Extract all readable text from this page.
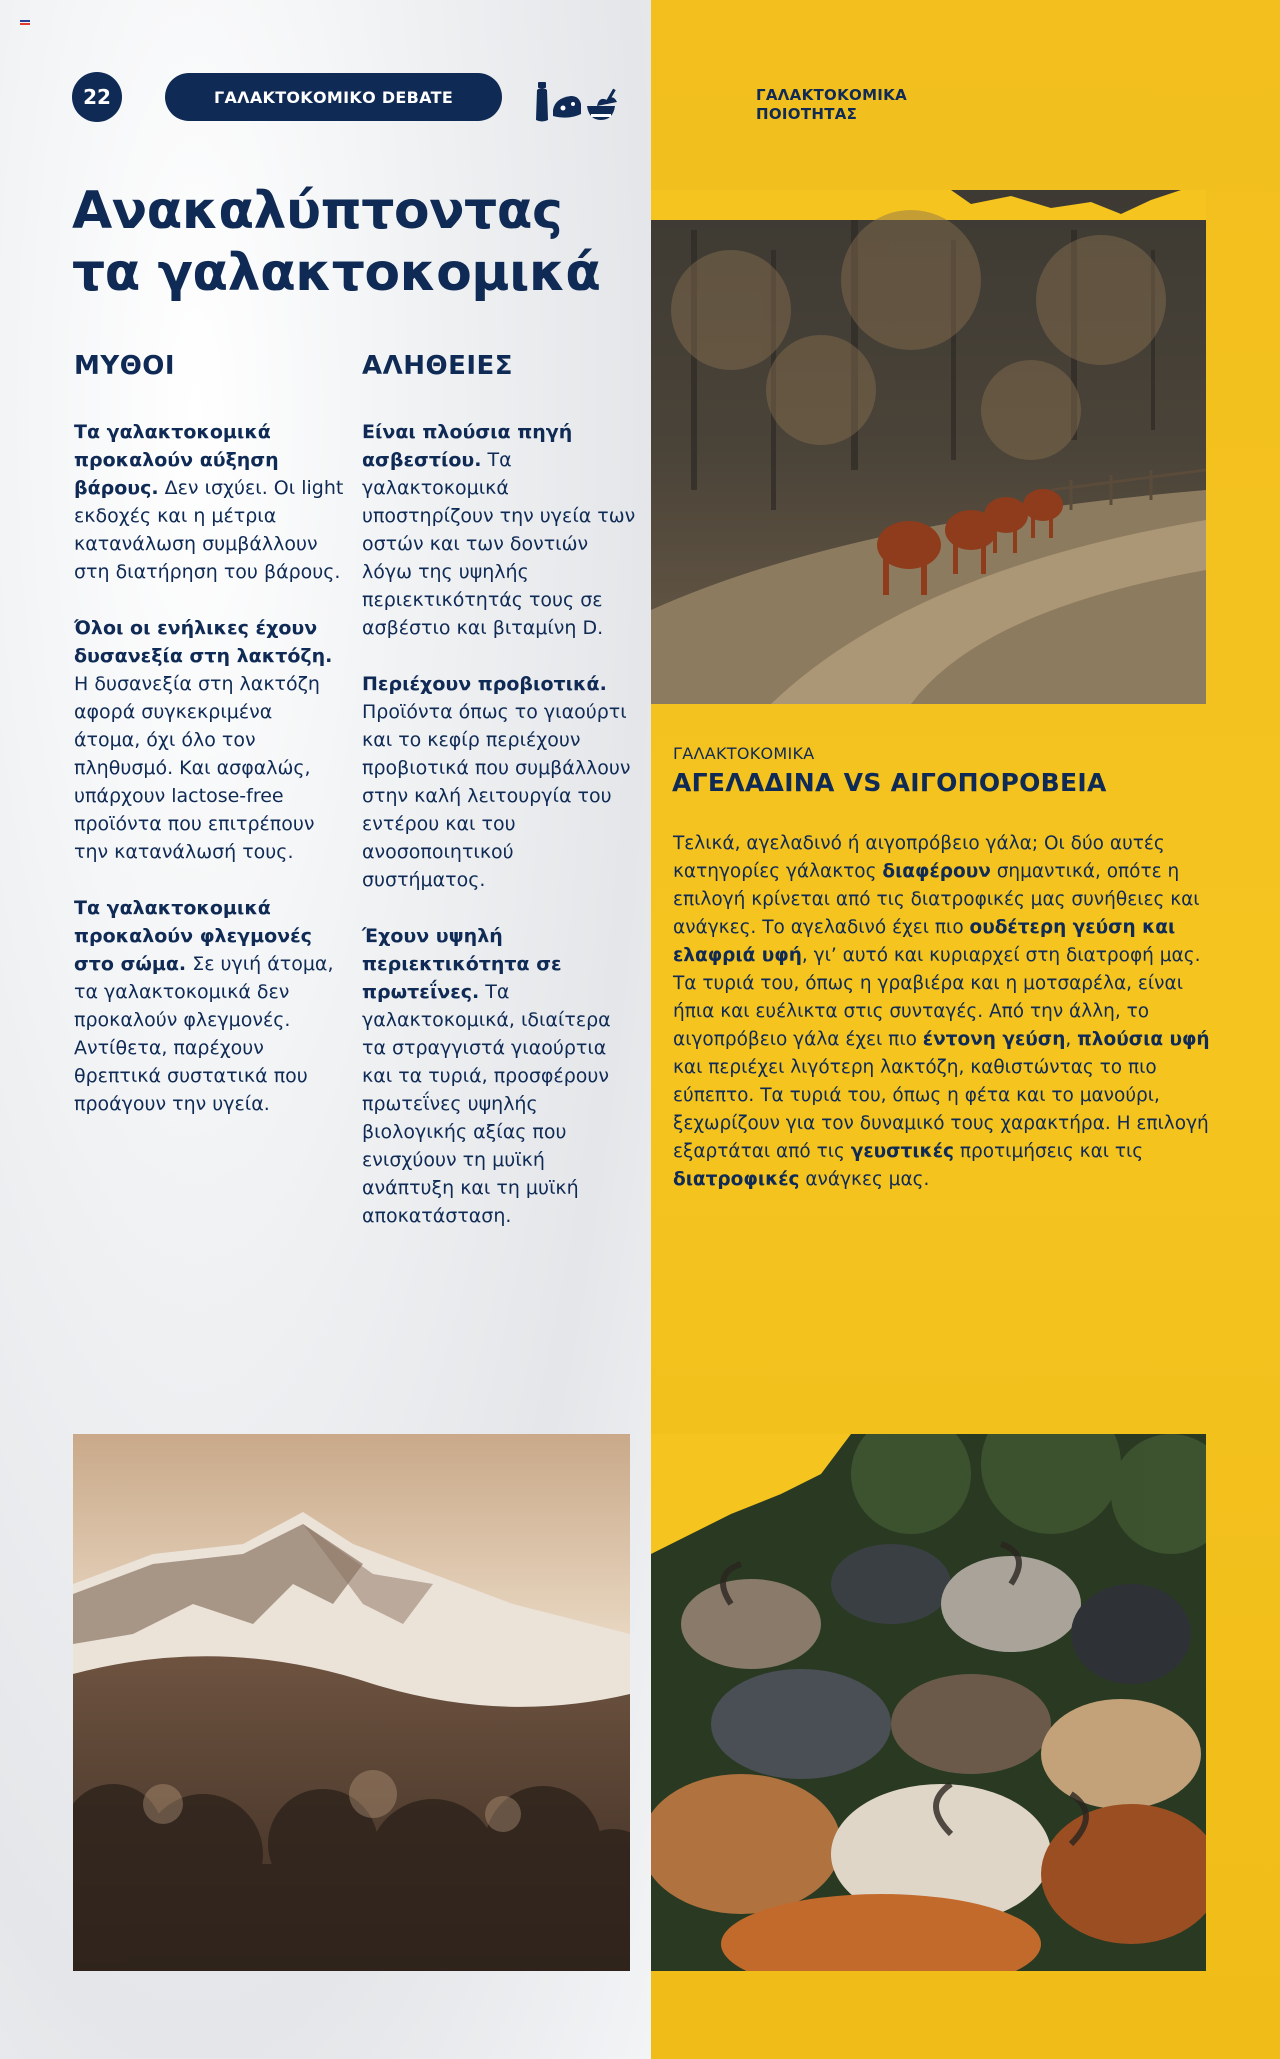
22	ΓΑΛΑΚΤΟΚΟΜΙΚΟ DEBATE	ΓΑΛΑΚΤΟΚΟΜΙΚΑ
ΠΟΙΟΤΗΤΑΣ
Ανακαλύπτοντας
τα γαλακτοκομικά
ΜΥΘΟΙ

Τα γαλακτοκομικά προκαλούν αύξηση βάρους. Δεν ισχύει. Οι light εκδοχές και η μέτρια κατανάλωση συμβάλλουν στη διατήρηση του βάρους.

Όλοι οι ενήλικες έχουν δυσανεξία στη λακτόζη. Η δυσανεξία στη λακτόζη αφορά συγκεκριμένα άτομα, όχι όλο τον πληθυσμό. Και ασφαλώς, υπάρχουν lactose-free προϊόντα που επιτρέπουν την κατανάλωσή τους.

Τα γαλακτοκομικά προκαλούν φλεγμονές στο σώμα. Σε υγιή άτομα, τα γαλακτοκομικά δεν προκαλούν φλεγμονές. Αντίθετα, παρέχουν θρεπτικά συστατικά που προάγουν την υγεία.

ΑΛΗΘΕΙΕΣ

Είναι πλούσια πηγή ασβεστίου. Τα γαλακτοκομικά υποστηρίζουν την υγεία των οστών και των δοντιών λόγω της υψηλής περιεκτικότητάς τους σε ασβέστιο και βιταμίνη D.

Περιέχουν προβιοτικά. Προϊόντα όπως το γιαούρτι και το κεφίρ περιέχουν προβιοτικά που συμβάλλουν στην καλή λειτουργία του εντέρου και του ανοσοποιητικού συστήματος.

Έχουν υψηλή περιεκτικότητα σε πρωτεΐνες. Τα γαλακτοκομικά, ιδιαίτερα τα στραγγιστά γιαούρτια και τα τυριά, προσφέρουν πρωτεΐνες υψηλής βιολογικής αξίας που ενισχύουν τη μυϊκή ανάπτυξη και τη μυϊκή αποκατάσταση.

ΓΑΛΑΚΤΟΚΟΜΙΚΑ
ΑΓΕΛΑΔΙΝΑ VS ΑΙΓΟΠΟΡΟΒΕΙΑ

Τελικά, αγελαδινό ή αιγοπρόβειο γάλα; Οι δύο αυτές κατηγορίες γάλακτος διαφέρουν σημαντικά, οπότε η επιλογή κρίνεται από τις διατροφικές μας συνήθειες και ανάγκες. Το αγελαδινό έχει πιο ουδέτερη γεύση και ελαφριά υφή, γι’ αυτό και κυριαρχεί στη διατροφή μας. Τα τυριά του, όπως η γραβιέρα και η μοτσαρέλα, είναι ήπια και ευέλικτα στις συνταγές. Από την άλλη, το αιγοπρόβειο γάλα έχει πιο έντονη γεύση, πλούσια υφή και περιέχει λιγότερη λακτόζη, καθιστώντας το πιο εύπεπτο. Τα τυριά του, όπως η φέτα και το μανούρι, ξεχωρίζουν για τον δυναμικό τους χαρακτήρα. Η επιλογή εξαρτάται από τις γευστικές προτιμήσεις και τις διατροφικές ανάγκες μας.
